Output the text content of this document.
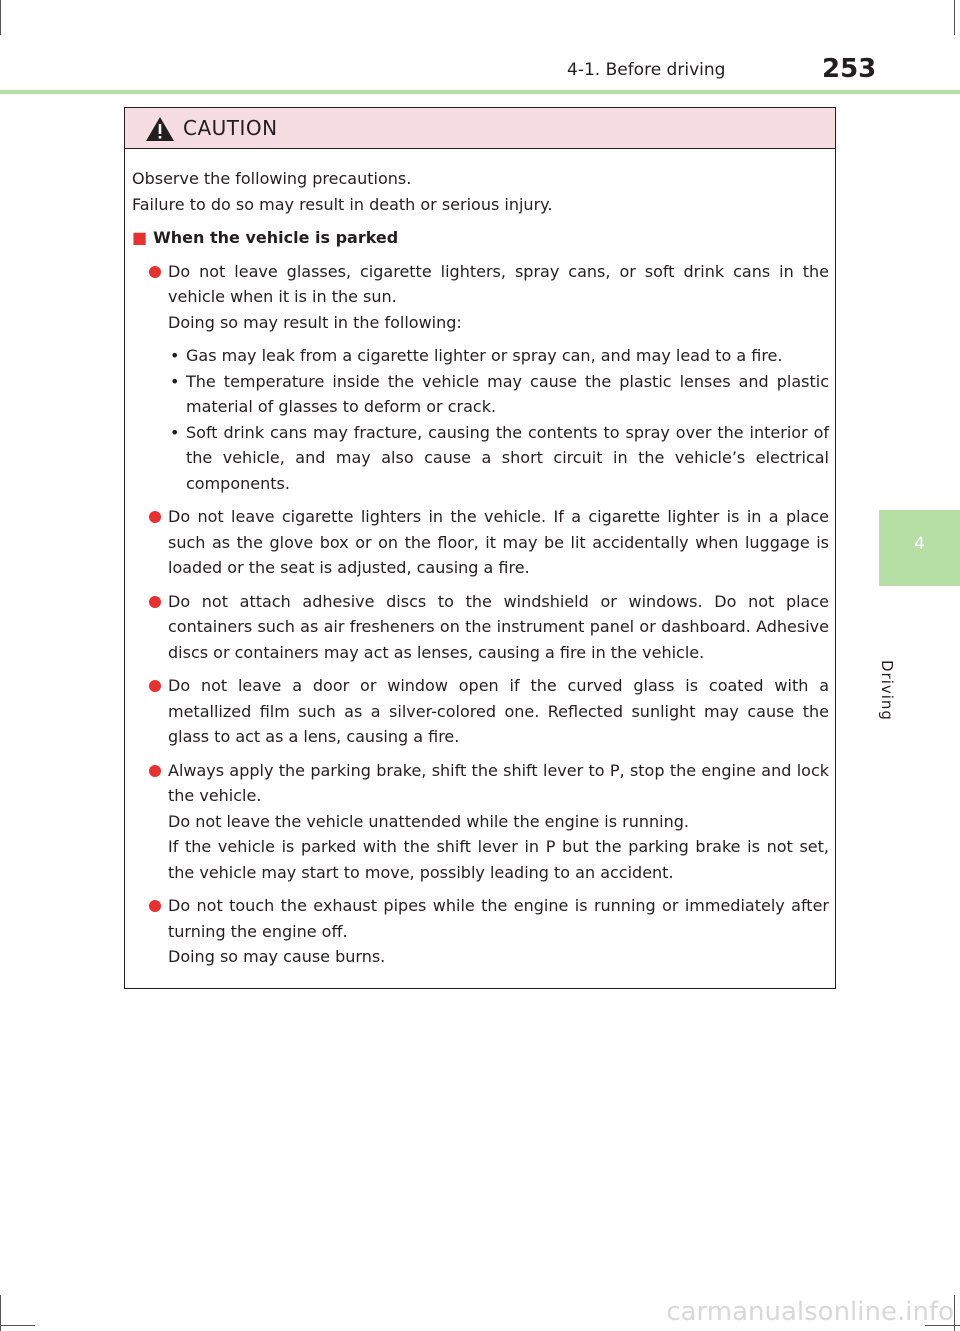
4-1. Before driving	253
4
Driving
CAUTION

Observe the following precautions.

Failure to do so may result in death or serious injury.

■ When the vehicle is parked

Do not leave glasses, cigarette lighters, spray cans, or soft drink cans in the vehicle when it is in the sun.

Doing so may result in the following:

• Gas may leak from a cigarette lighter or spray can, and may lead to a fire.
• The temperature inside the vehicle may cause the plastic lenses and plastic material of glasses to deform or crack.
• Soft drink cans may fracture, causing the contents to spray over the interior of the vehicle, and may also cause a short circuit in the vehicle’s electrical components.

Do not leave cigarette lighters in the vehicle. If a cigarette lighter is in a place such as the glove box or on the floor, it may be lit accidentally when luggage is loaded or the seat is adjusted, causing a fire.

Do not attach adhesive discs to the windshield or windows. Do not place containers such as air fresheners on the instrument panel or dashboard. Adhesive discs or containers may act as lenses, causing a fire in the vehicle.

Do not leave a door or window open if the curved glass is coated with a metallized film such as a silver-colored one. Reflected sunlight may cause the glass to act as a lens, causing a fire.

Always apply the parking brake, shift the shift lever to P, stop the engine and lock the vehicle.

Do not leave the vehicle unattended while the engine is running.

If the vehicle is parked with the shift lever in P but the parking brake is not set, the vehicle may start to move, possibly leading to an accident.

Do not touch the exhaust pipes while the engine is running or immediately after turning the engine off.

Doing so may cause burns.

carmanualsonline.info
